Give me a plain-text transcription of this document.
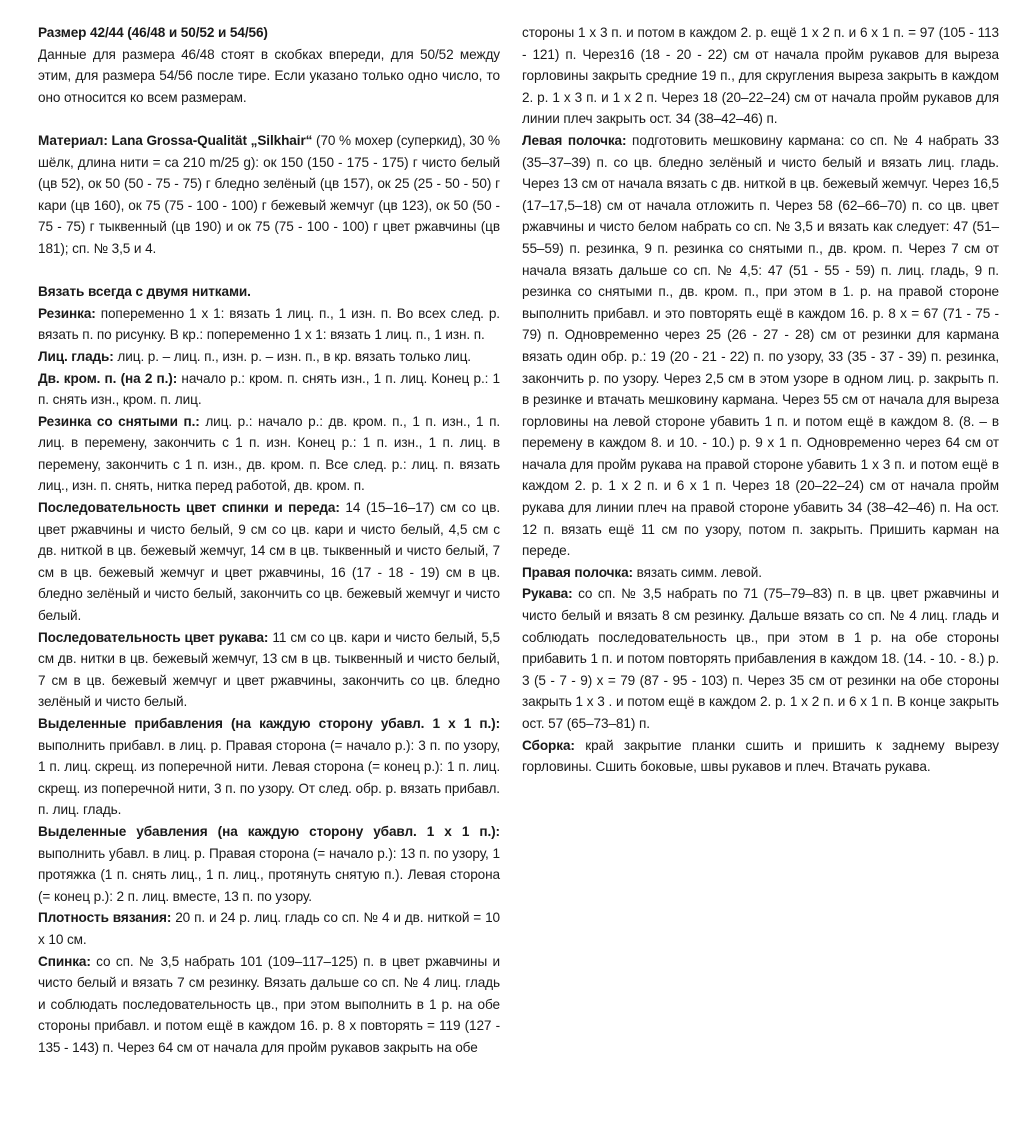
Размер 42/44 (46/48 и 50/52 и 54/56)

Данные для размера 46/48 стоят в скобках впереди, для 50/52 между этим, для размера 54/56 после тире. Если указано только одно число, то оно относится ко всем размерам.

Материал: Lana Grossa-Qualität „Silkhair“ (70 % мохер (суперкид), 30 % шёлк, длина нити = ca 210 m/25 g): ок 150 (150 - 175 - 175) г чисто белый (цв 52), ок 50 (50 - 75 - 75) г бледно зелёный (цв 157), ок 25 (25 - 50 - 50) г кари (цв 160), ок 75 (75 - 100 - 100) г бежевый жемчуг (цв 123), ок 50 (50 - 75 - 75) г тыквенный (цв 190) и ок 75 (75 - 100 - 100) г цвет ржавчины (цв 181); сп. № 3,5 и 4.

Вязать всегда с двумя нитками.

Резинка: попеременно 1 x 1: вязать 1 лиц. п., 1 изн. п. Во всех след. р. вязать п. по рисунку. В кр.: попеременно 1 x 1: вязать 1 лиц. п., 1 изн. п.

Лиц. гладь: лиц. р. – лиц. п., изн. р. – изн. п., в кр. вязать только лиц.

Дв. кром. п. (на 2 п.): начало р.: кром. п. снять изн., 1 п. лиц. Конец р.: 1 п. снять изн., кром. п. лиц.

Резинка со снятыми п.: лиц. р.: начало р.: дв. кром. п., 1 п. изн., 1 п. лиц. в перемену, закончить с 1 п. изн. Конец р.: 1 п. изн., 1 п. лиц. в перемену, закончить с 1 п. изн., дв. кром. п. Все след. р.: лиц. п. вязать лиц., изн. п. снять, нитка перед работой, дв. кром. п.

Последовательность цвет спинки и переда: 14 (15–16–17) см со цв. цвет ржавчины и чисто белый, 9 см со цв. кари и чисто белый, 4,5 см с дв. ниткой в цв. бежевый жемчуг, 14 см в цв. тыквенный и чисто белый, 7 см в цв. бежевый жемчуг и цвет ржавчины, 16 (17 - 18 - 19) см в цв. бледно зелёный и чисто белый, закончить со цв. бежевый жемчуг и чисто белый.

Последовательность цвет рукава: 11 см со цв. кари и чисто белый, 5,5 см дв. нитки в цв. бежевый жемчуг, 13 см в цв. тыквенный и чисто белый, 7 см в цв. бежевый жемчуг и цвет ржавчины, закончить со цв. бледно зелёный и чисто белый.

Выделенные прибавления (на каждую сторону убавл. 1 x 1 п.): выполнить прибавл. в лиц. р. Правая сторона (= начало р.): 3 п. по узору, 1 п. лиц. скрещ. из поперечной нити. Левая сторона (= конец р.): 1 п. лиц. скрещ. из поперечной нити, 3 п. по узору. От след. обр. р. вязать прибавл. п. лиц. гладь.

Выделенные убавления (на каждую сторону убавл. 1 x 1 п.): выполнить убавл. в лиц. р. Правая сторона (= начало р.): 13 п. по узору, 1 протяжка (1 п. снять лиц., 1 п. лиц., протянуть снятую п.). Левая сторона (= конец р.): 2 п. лиц. вместе, 13 п. по узору.

Плотность вязания: 20 п. и 24 р. лиц. гладь со сп. № 4 и дв. ниткой = 10 x 10 см.

Спинка: со сп. № 3,5 набрать 101 (109–117–125) п. в цвет ржавчины и чисто белый и вязать 7 см резинку. Вязать дальше со сп. № 4 лиц. гладь и соблюдать последовательность цв., при этом выполнить в 1 р. на обе стороны прибавл. и потом ещё в каждом 16. р. 8 x повторять = 119 (127 - 135 - 143) п. Через 64 см от начала для пройм рукавов закрыть на обе

стороны 1 x 3 п. и потом в каждом 2. р. ещё 1 x 2 п. и 6 x 1 п. = 97 (105 - 113 - 121) п. Через16 (18 - 20 - 22) см от начала пройм рукавов для выреза горловины закрыть средние 19 п., для скругления выреза закрыть в каждом 2. р. 1 x 3 п. и 1 x 2 п. Через 18 (20–22–24) см от начала пройм рукавов для линии плеч закрыть ост. 34 (38–42–46) п.

Левая полочка: подготовить мешковину кармана: со сп. № 4 набрать 33 (35–37–39) п. со цв. бледно зелёный и чисто белый и вязать лиц. гладь. Через 13 см от начала вязать с дв. ниткой в цв. бежевый жемчуг. Через 16,5 (17–17,5–18) см от начала отложить п. Через 58 (62–66–70) п. со цв. цвет ржавчины и чисто белом набрать со сп. № 3,5 и вязать как следует: 47 (51–55–59) п. резинка, 9 п. резинка со снятыми п., дв. кром. п. Через 7 см от начала вязать дальше со сп. № 4,5: 47 (51 - 55 - 59) п. лиц. гладь, 9 п. резинка со снятыми п., дв. кром. п., при этом в 1. р. на правой стороне выполнить прибавл. и это повторять ещё в каждом 16. р. 8 x = 67 (71 - 75 - 79) п. Одновременно через 25 (26 - 27 - 28) см от резинки для кармана вязать один обр. р.: 19 (20 - 21 - 22) п. по узору, 33 (35 - 37 - 39) п. резинка, закончить р. по узору. Через 2,5 см в этом узоре в одном лиц. р. закрыть п. в резинке и втачать мешковину кармана. Через 55 см от начала для выреза горловины на левой стороне убавить 1 п. и потом ещё в каждом 8. (8. – в перемену в каждом 8. и 10. - 10.) р. 9 x 1 п. Одновременно через 64 см от начала для пройм рукава на правой стороне убавить 1 x 3 п. и потом ещё в каждом 2. р. 1 x 2 п. и 6 x 1 п. Через 18 (20–22–24) см от начала пройм рукава для линии плеч на правой стороне убавить 34 (38–42–46) п. На ост. 12 п. вязать ещё 11 см по узору, потом п. закрыть. Пришить карман на переде.

Правая полочка: вязать симм. левой.

Рукава: со сп. № 3,5 набрать по 71 (75–79–83) п. в цв. цвет ржавчины и чисто белый и вязать 8 см резинку. Дальше вязать со сп. № 4 лиц. гладь и соблюдать последовательность цв., при этом в 1 р. на обе стороны прибавить 1 п. и потом повторять прибавления в каждом 18. (14. - 10. - 8.) р. 3 (5 - 7 - 9) x = 79 (87 - 95 - 103) п. Через 35 см от резинки на обе стороны закрыть 1 x 3 . и потом ещё в каждом 2. р. 1 x 2 п. и 6 x 1 п. В конце закрыть ост. 57 (65–73–81) п.

Сборка: край закрытие планки сшить и пришить к заднему вырезу горловины. Сшить боковые, швы рукавов и плеч. Втачать рукава.
